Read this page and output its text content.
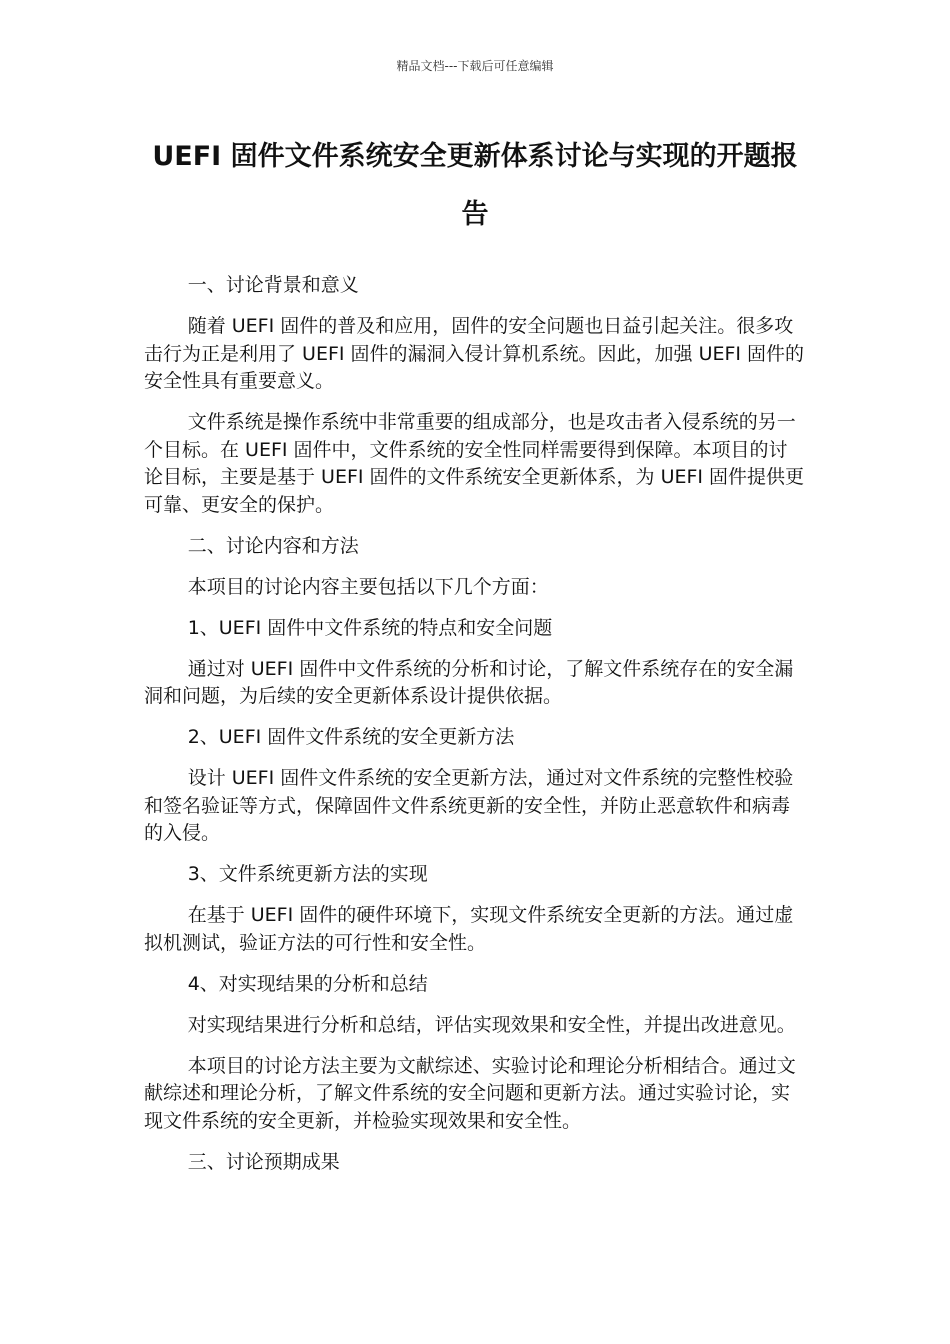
精品文档---下载后可任意编辑
UEFI 固件文件系统安全更新体系讨论与实现的开题报告

一、讨论背景和意义

随着 UEFI 固件的普及和应用，固件的安全问题也日益引起关注。很多攻击行为正是利用了 UEFI 固件的漏洞入侵计算机系统。因此，加强 UEFI 固件的安全性具有重要意义。

文件系统是操作系统中非常重要的组成部分，也是攻击者入侵系统的另一个目标。在 UEFI 固件中，文件系统的安全性同样需要得到保障。本项目的讨论目标，主要是基于 UEFI 固件的文件系统安全更新体系，为 UEFI 固件提供更可靠、更安全的保护。

二、讨论内容和方法

本项目的讨论内容主要包括以下几个方面：

1、UEFI 固件中文件系统的特点和安全问题

通过对 UEFI 固件中文件系统的分析和讨论，了解文件系统存在的安全漏洞和问题，为后续的安全更新体系设计提供依据。

2、UEFI 固件文件系统的安全更新方法

设计 UEFI 固件文件系统的安全更新方法，通过对文件系统的完整性校验和签名验证等方式，保障固件文件系统更新的安全性，并防止恶意软件和病毒的入侵。

3、文件系统更新方法的实现

在基于 UEFI 固件的硬件环境下，实现文件系统安全更新的方法。通过虚拟机测试，验证方法的可行性和安全性。

4、对实现结果的分析和总结

对实现结果进行分析和总结，评估实现效果和安全性，并提出改进意见。

本项目的讨论方法主要为文献综述、实验讨论和理论分析相结合。通过文献综述和理论分析，了解文件系统的安全问题和更新方法。通过实验讨论，实现文件系统的安全更新，并检验实现效果和安全性。

三、讨论预期成果
